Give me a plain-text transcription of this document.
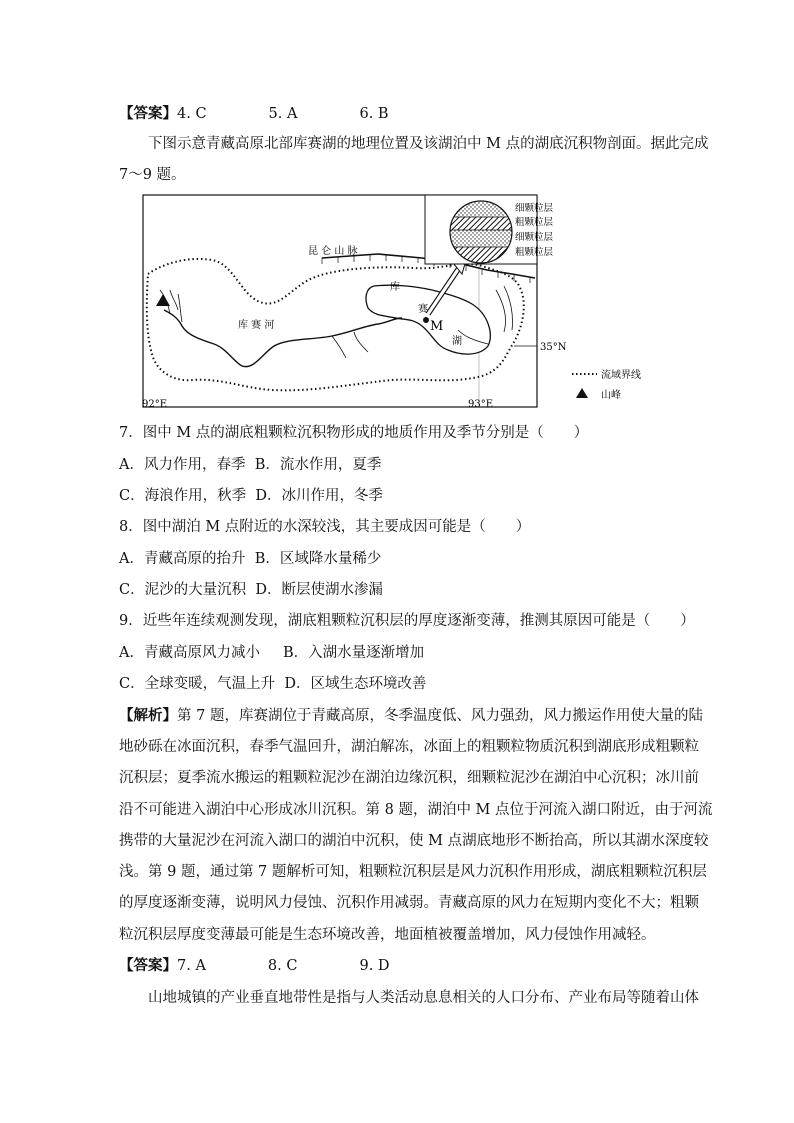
【答案】4. C	5. A	6. B
下图示意青藏高原北部库赛湖的地理位置及该湖泊中 M 点的湖底沉积物剖面。据此完成
7～9 题。
细颗粒层
粗颗粒层
细颗粒层
粗颗粒层
昆 仑 山 脉
库 赛 河
库
赛
湖
M
35°N
92°E	93°E
流域界线
山峰
7．图中 M 点的湖底粗颗粒沉积物形成的地质作用及季节分别是（ ）
A．风力作用，春季 B．流水作用，夏季
C．海浪作用，秋季 D．冰川作用，冬季
8．图中湖泊 M 点附近的水深较浅，其主要成因可能是（ ）
A．青藏高原的抬升 B．区域降水量稀少
C．泥沙的大量沉积 D．断层使湖水渗漏
9．近些年连续观测发现，湖底粗颗粒沉积层的厚度逐渐变薄，推测其原因可能是（ ）
A．青藏高原风力减小 B．入湖水量逐渐增加
C．全球变暖，气温上升 D．区域生态环境改善
【解析】第 7 题，库赛湖位于青藏高原，冬季温度低、风力强劲，风力搬运作用使大量的陆
地砂砾在冰面沉积，春季气温回升，湖泊解冻，冰面上的粗颗粒物质沉积到湖底形成粗颗粒
沉积层；夏季流水搬运的粗颗粒泥沙在湖泊边缘沉积，细颗粒泥沙在湖泊中心沉积；冰川前
沿不可能进入湖泊中心形成冰川沉积。第 8 题，湖泊中 M 点位于河流入湖口附近，由于河流
携带的大量泥沙在河流入湖口的湖泊中沉积，使 M 点湖底地形不断抬高，所以其湖水深度较
浅。第 9 题，通过第 7 题解析可知，粗颗粒沉积层是风力沉积作用形成，湖底粗颗粒沉积层
的厚度逐渐变薄，说明风力侵蚀、沉积作用减弱。青藏高原的风力在短期内变化不大；粗颗
粒沉积层厚度变薄最可能是生态环境改善，地面植被覆盖增加，风力侵蚀作用减轻。
【答案】7. A	8. C	9. D
山地城镇的产业垂直地带性是指与人类活动息息相关的人口分布、产业布局等随着山体
